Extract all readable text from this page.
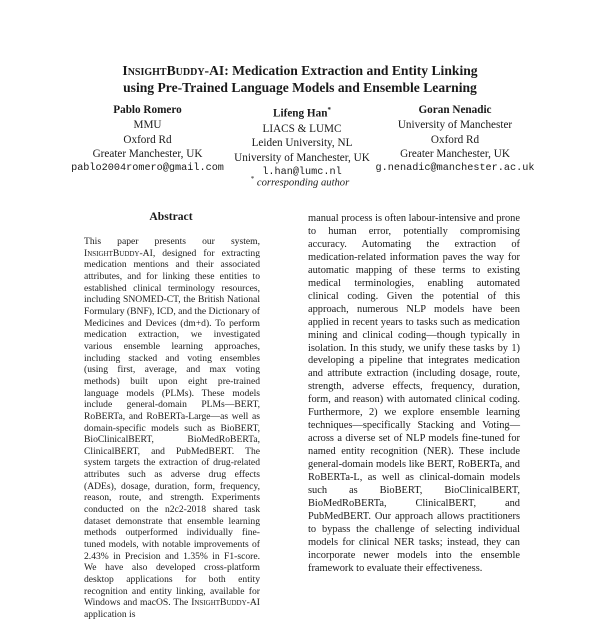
InsightBuddy-AI: Medication Extraction and Entity Linking
using Pre-Trained Language Models and Ensemble Learning
Pablo Romero
MMU
Oxford Rd
Greater Manchester, UK
pablo2004romero@gmail.com
Lifeng Han*
LIACS & LUMC
Leiden University, NL
University of Manchester, UK
l.han@lumc.nl
Goran Nenadic
University of Manchester
Oxford Rd
Greater Manchester, UK
g.nenadic@manchester.ac.uk
* corresponding author
Abstract

This paper presents our system, InsightBuddy-AI, designed for extracting medication mentions and their associated attributes, and for linking these entities to established clinical terminology resources, including SNOMED-CT, the British National Formulary (BNF), ICD, and the Dictionary of Medicines and Devices (dm+d). To perform medication extraction, we investigated various ensemble learning approaches, including stacked and voting ensembles (using first, average, and max voting methods) built upon eight pre-trained language models (PLMs). These models include general-domain PLMs—BERT, RoBERTa, and RoBERTa-Large—as well as domain-specific models such as BioBERT, BioClinicalBERT, BioMedRoBERTa, ClinicalBERT, and PubMedBERT. The system targets the extraction of drug-related attributes such as adverse drug effects (ADEs), dosage, duration, form, frequency, reason, route, and strength. Experiments conducted on the n2c2-2018 shared task dataset demonstrate that ensemble learning methods outperformed individually fine-tuned models, with notable improvements of 2.43% in Precision and 1.35% in F1-score. We have also developed cross-platform desktop applications for both entity recognition and entity linking, available for Windows and macOS. The InsightBuddy-AI application is

manual process is often labour-intensive and prone to human error, potentially compromising accuracy. Automating the extraction of medication-related information paves the way for automatic mapping of these terms to existing medical terminologies, enabling automated clinical coding. Given the potential of this approach, numerous NLP models have been applied in recent years to tasks such as medication mining and clinical coding—though typically in isolation. In this study, we unify these tasks by 1) developing a pipeline that integrates medication and attribute extraction (including dosage, route, strength, adverse effects, frequency, duration, form, and reason) with automated clinical coding. Furthermore, 2) we explore ensemble learning techniques—specifically Stacking and Voting—across a diverse set of NLP models fine-tuned for named entity recognition (NER). These include general-domain models like BERT, RoBERTa, and RoBERTa-L, as well as clinical-domain models such as BioBERT, BioClinicalBERT, BioMedRoBERTa, ClinicalBERT, and PubMedBERT. Our approach allows practitioners to bypass the challenge of selecting individual models for clinical NER tasks; instead, they can incorporate newer models into the ensemble framework to evaluate their effectiveness.
